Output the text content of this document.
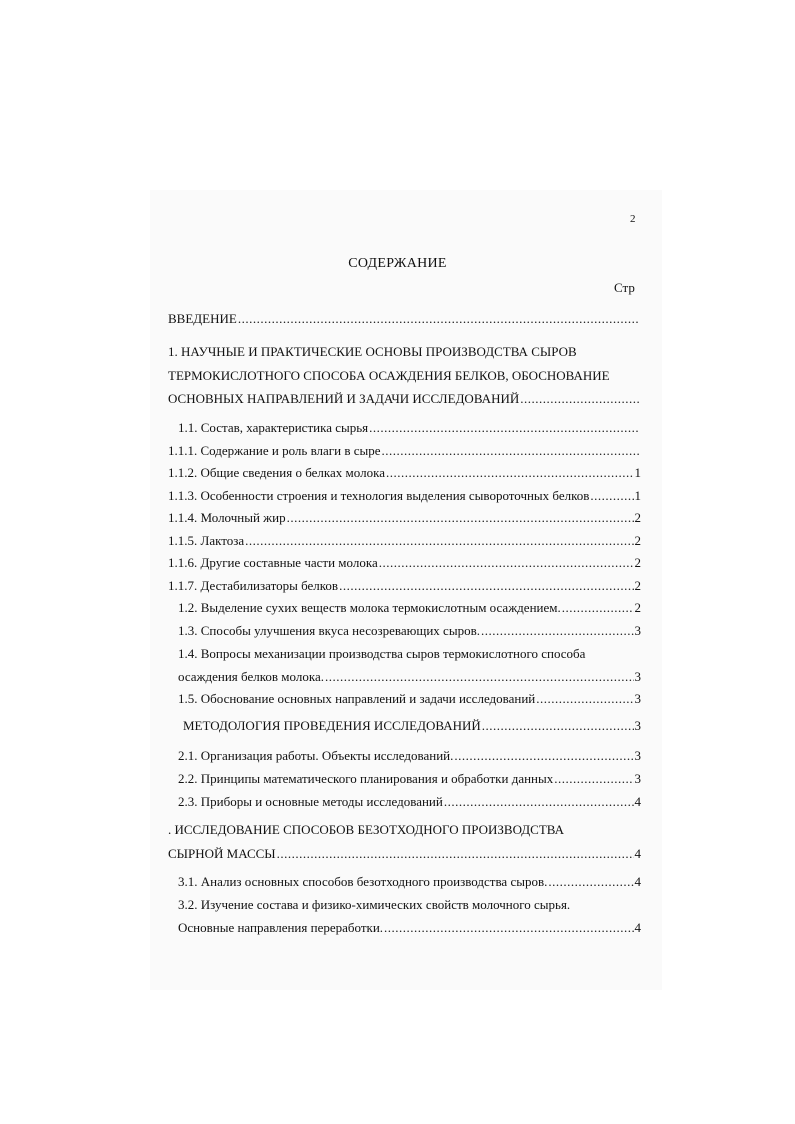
2
СОДЕРЖАНИЕ
Стр
ВВЕДЕНИЕ
.....
1. НАУЧНЫЕ И ПРАКТИЧЕСКИЕ ОСНОВЫ ПРОИЗВОДСТВА СЫРОВ
ТЕРМОКИСЛОТНОГО СПОСОБА ОСАЖДЕНИЯ БЕЛКОВ, ОБОСНОВАНИЕ
ОСНОВНЫХ НАПРАВЛЕНИЙ И ЗАДАЧИ ИССЛЕДОВАНИЙ
.....
1.1. Состав, характеристика сырья
.....
1.1.1. Содержание и роль влаги в сыре
.....
1.1.2. Общие сведения о белках молока .....	1
1.1.3. Особенности строения и технология выделения сывороточных белков .....	1
1.1.4. Молочный жир .....	2
1.1.5. Лактоза .....	2
1.1.6. Другие составные части молока .....	2
1.1.7. Дестабилизаторы белков .....	2
1.2. Выделение сухих веществ молока термокислотным осаждением. .....	2
1.3. Способы улучшения вкуса несозревающих сыров. .....	3
1.4. Вопросы механизации производства сыров термокислотного способа
осаждения белков молока. .....	3
1.5. Обоснование основных направлений и задачи исследований .....	3
МЕТОДОЛОГИЯ ПРОВЕДЕНИЯ ИССЛЕДОВАНИЙ .....	3
2.1. Организация работы. Объекты исследований. .....	3
2.2. Принципы математического планирования и обработки данных .....	3
2.3. Приборы и основные методы исследований .....	4
. ИССЛЕДОВАНИЕ СПОСОБОВ БЕЗОТХОДНОГО ПРОИЗВОДСТВА
СЫРНОЙ МАССЫ .....	4
3.1. Анализ основных способов безотходного производства сыров. .....	4
3.2. Изучение состава и физико-химических свойств молочного сырья.
Основные направления переработки. .....	4
